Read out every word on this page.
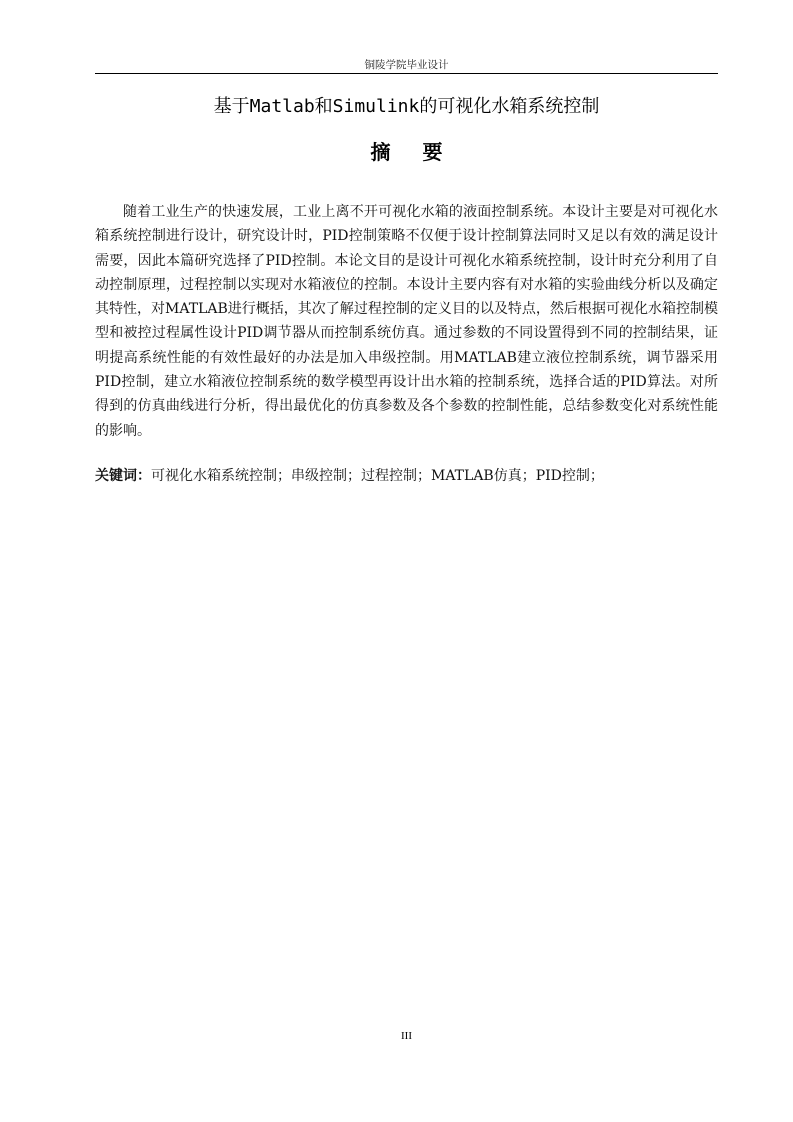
铜陵学院毕业设计
基于Matlab和Simulink的可视化水箱系统控制
摘要

随着工业生产的快速发展，工业上离不开可视化水箱的液面控制系统。本设计主要是对可视化水箱系统控制进行设计，研究设计时，PID控制策略不仅便于设计控制算法同时又足以有效的满足设计需要，因此本篇研究选择了PID控制。本论文目的是设计可视化水箱系统控制，设计时充分利用了自动控制原理，过程控制以实现对水箱液位的控制。本设计主要内容有对水箱的实验曲线分析以及确定其特性，对MATLAB进行概括，其次了解过程控制的定义目的以及特点，然后根据可视化水箱控制模型和被控过程属性设计PID调节器从而控制系统仿真。通过参数的不同设置得到不同的控制结果，证明提高系统性能的有效性最好的办法是加入串级控制。用MATLAB建立液位控制系统，调节器采用PID控制，建立水箱液位控制系统的数学模型再设计出水箱的控制系统，选择合适的PID算法。对所得到的仿真曲线进行分析，得出最优化的仿真参数及各个参数的控制性能，总结参数变化对系统性能的影响。

关键词：可视化水箱系统控制；串级控制；过程控制；MATLAB仿真；PID控制；

III
